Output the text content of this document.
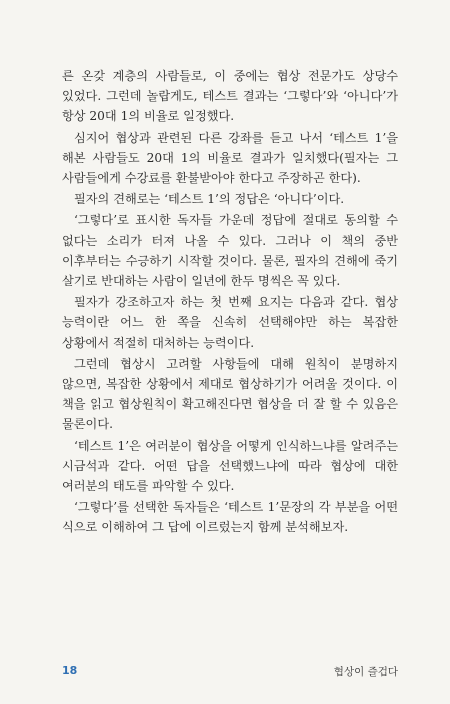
른 온갖 계층의 사람들로, 이 중에는 협상 전문가도 상당수 있었다. 그런데 놀랍게도, 테스트 결과는 ‘그렇다’와 ‘아니다’가 항상 20대 1의 비율로 일정했다.

심지어 협상과 관련된 다른 강좌를 듣고 나서 ‘테스트 1’을 해본 사람들도 20대 1의 비율로 결과가 일치했다(필자는 그 사람들에게 수강료를 환불받아야 한다고 주장하곤 한다).

필자의 견해로는 ‘테스트 1’의 정답은 ‘아니다’이다.

‘그렇다’로 표시한 독자들 가운데 정답에 절대로 동의할 수 없다는 소리가 터져 나올 수 있다. 그러나 이 책의 중반 이후부터는 수긍하기 시작할 것이다. 물론, 필자의 견해에 죽기 살기로 반대하는 사람이 일년에 한두 명씩은 꼭 있다.

필자가 강조하고자 하는 첫 번째 요지는 다음과 같다. 협상 능력이란 어느 한 쪽을 신속히 선택해야만 하는 복잡한 상황에서 적절히 대처하는 능력이다.

그런데 협상시 고려할 사항들에 대해 원칙이 분명하지 않으면, 복잡한 상황에서 제대로 협상하기가 어려울 것이다. 이 책을 읽고 협상원칙이 확고해진다면 협상을 더 잘 할 수 있음은 물론이다.

‘테스트 1’은 여러분이 협상을 어떻게 인식하느냐를 알려주는 시금석과 같다. 어떤 답을 선택했느냐에 따라 협상에 대한 여러분의 태도를 파악할 수 있다.

‘그렇다’를 선택한 독자들은 ‘테스트 1’문장의 각 부분을 어떤 식으로 이해하여 그 답에 이르렀는지 함께 분석해보자.

18	협상이 즐겁다
